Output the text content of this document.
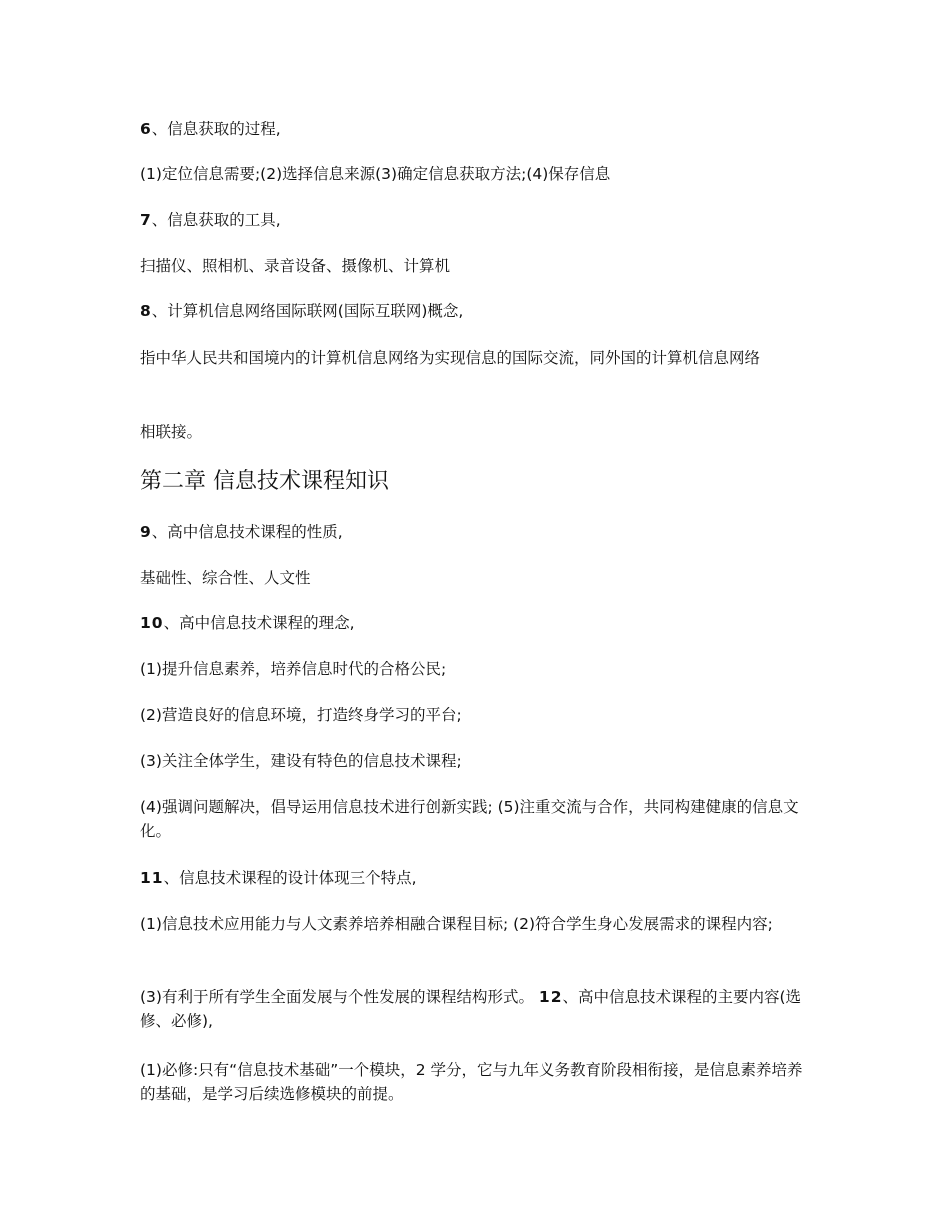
6、信息获取的过程,
(1)定位信息需要;(2)选择信息来源(3)确定信息获取方法;(4)保存信息
7、信息获取的工具,
扫描仪、照相机、录音设备、摄像机、计算机
8、计算机信息网络国际联网(国际互联网)概念,
指中华人民共和国境内的计算机信息网络为实现信息的国际交流，同外国的计算机信息网络
相联接。
第二章 信息技术课程知识
9、高中信息技术课程的性质,
基础性、综合性、人文性
10、高中信息技术课程的理念,
(1)提升信息素养，培养信息时代的合格公民;
(2)营造良好的信息环境，打造终身学习的平台;
(3)关注全体学生，建设有特色的信息技术课程;
(4)强调问题解决，倡导运用信息技术进行创新实践; (5)注重交流与合作，共同构建健康的信息文化。
11、信息技术课程的设计体现三个特点,
(1)信息技术应用能力与人文素养培养相融合课程目标; (2)符合学生身心发展需求的课程内容;
(3)有利于所有学生全面发展与个性发展的课程结构形式。 12、高中信息技术课程的主要内容(选修、必修),
(1)必修:只有“信息技术基础”一个模块，2 学分，它与九年义务教育阶段相衔接，是信息素养培养的基础，是学习后续选修模块的前提。
